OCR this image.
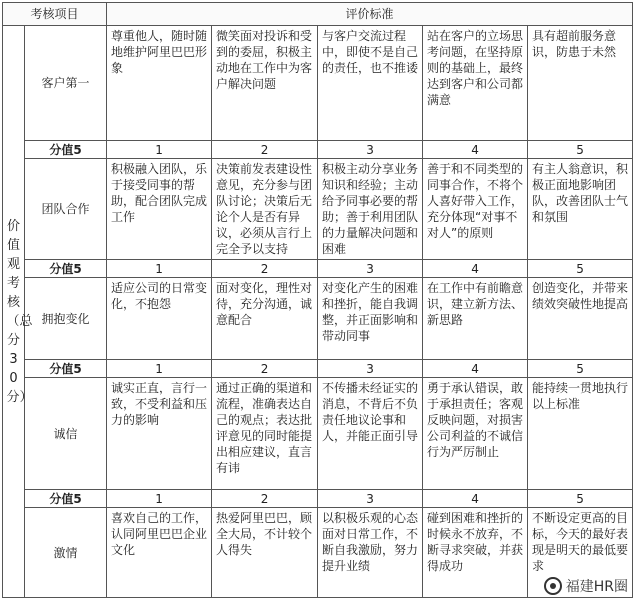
考核项目		评价标准				

价值观考核（总分30分）	客户第一	尊重他人，随时随地维护阿里巴巴形象	微笑面对投诉和受到的委屈，积极主动地在工作中为客户解决问题	与客户交流过程中，即使不是自己的责任，也不推诿	站在客户的立场思考问题，在坚持原则的基础上，最终达到客户和公司都满意	具有超前服务意识，防患于未然
	分值5	1	2	3	4	5
	团队合作	积极融入团队，乐于接受同事的帮助，配合团队完成工作	决策前发表建设性意见，充分参与团队讨论；决策后无论个人是否有异议，必须从言行上完全予以支持	积极主动分享业务知识和经验；主动给予同事必要的帮助；善于利用团队的力量解决问题和困难	善于和不同类型的同事合作，不将个人喜好带入工作，充分体现“对事不对人”的原则	有主人翁意识，积极正面地影响团队，改善团队士气和氛围
	分值5	1	2	3	4	5
	拥抱变化	适应公司的日常变化，不抱怨	面对变化，理性对待，充分沟通，诚意配合	对变化产生的困难和挫折，能自我调整，并正面影响和带动同事	在工作中有前瞻意识，建立新方法、新思路	创造变化，并带来绩效突破性地提高
	分值5	1	2	3	4	5
	诚信	诚实正直，言行一致，不受利益和压力的影响	通过正确的渠道和流程，准确表达自己的观点；表达批评意见的同时能提出相应建议，直言有讳	不传播未经证实的消息，不背后不负责任地议论事和人，并能正面引导	勇于承认错误，敢于承担责任；客观反映问题，对损害公司利益的不诚信行为严厉制止	能持续一贯地执行以上标准
	分值5	1	2	3	4	5
	激情	喜欢自己的工作，认同阿里巴巴企业文化	热爱阿里巴巴，顾全大局，不计较个人得失	以积极乐观的心态面对日常工作，不断自我激励，努力提升业绩	碰到困难和挫折的时候永不放弃，不断寻求突破，并获得成功	不断设定更高的目标，今天的最好表现是明天的最低要求
福建HR圈
